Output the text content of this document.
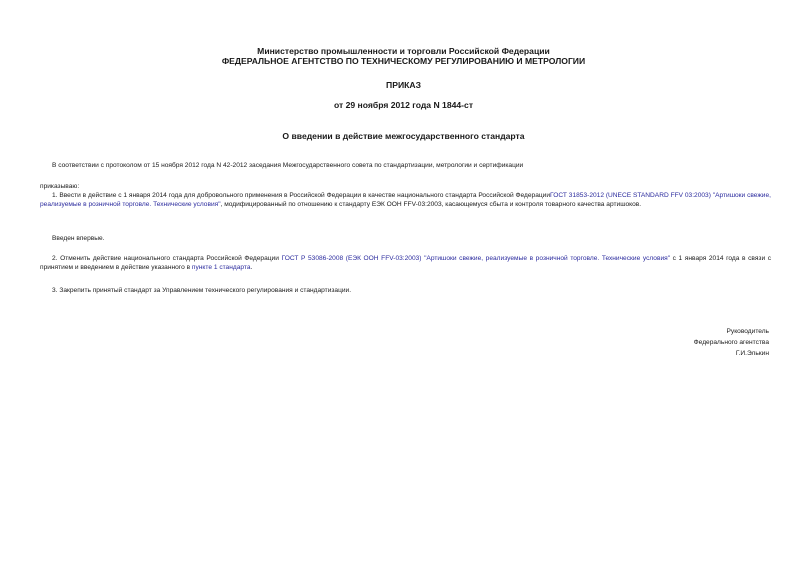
Министерство промышленности и торговли Российской Федерации
ФЕДЕРАЛЬНОЕ АГЕНТСТВО ПО ТЕХНИЧЕСКОМУ РЕГУЛИРОВАНИЮ И МЕТРОЛОГИИ
ПРИКАЗ
от 29 ноября 2012 года N 1844-ст
О введении в действие межгосударственного стандарта
В соответствии с протоколом от 15 ноября 2012 года N 42-2012 заседания Межгосударственного совета по стандартизации, метрологии и сертификации
приказываю:
1. Ввести в действие с 1 января 2014 года для добровольного применения в Российской Федерации в качестве национального стандарта Российской ФедерацииГОСТ 31853-2012 (UNECE STANDARD FFV 03:2003) "Артишоки свежие, реализуемые в розничной торговле. Технические условия", модифицированный по отношению к стандарту ЕЭК ООН FFV-03:2003, касающемуся сбыта и контроля товарного качества артишоков.
Введен впервые.
2. Отменить действие национального стандарта Российской Федерации ГОСТ Р 53086-2008 (ЕЭК ООН FFV-03:2003) "Артишоки свежие, реализуемые в розничной торговле. Технические условия" с 1 января 2014 года в связи с принятием и введением в действие указанного в пункте 1 стандарта.
3. Закрепить принятый стандарт за Управлением технического регулирования и стандартизации.
Руководитель
Федерального агентства
Г.И.Элькин
